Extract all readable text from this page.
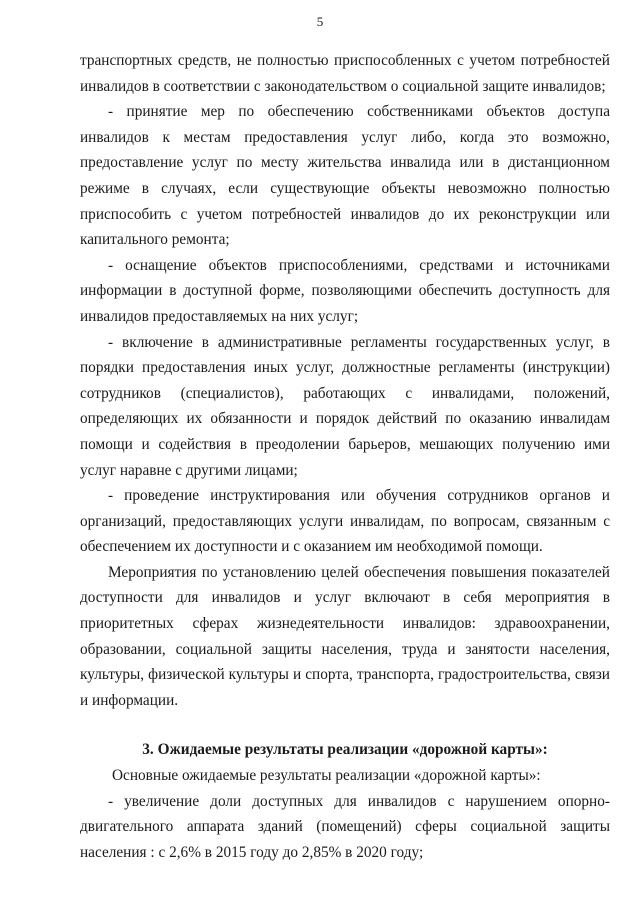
5

транспортных средств, не полностью приспособленных с учетом потребностей инвалидов в соответствии с законодательством о социальной защите инвалидов;

- принятие мер по обеспечению собственниками объектов доступа инвалидов к местам предоставления услуг либо, когда это возможно, предоставление услуг по месту жительства инвалида или в дистанционном режиме в случаях, если существующие объекты невозможно полностью приспособить с учетом потребностей инвалидов до их реконструкции или капитального ремонта;

- оснащение объектов приспособлениями, средствами и источниками информации в доступной форме, позволяющими обеспечить доступность для инвалидов предоставляемых на них услуг;

- включение в административные регламенты государственных услуг, в порядки предоставления иных услуг, должностные регламенты (инструкции) сотрудников (специалистов), работающих с инвалидами, положений, определяющих их обязанности и порядок действий по оказанию инвалидам помощи и содействия в преодолении барьеров, мешающих получению ими услуг наравне с другими лицами;

- проведение инструктирования или обучения сотрудников органов и организаций, предоставляющих услуги инвалидам, по вопросам, связанным с обеспечением их доступности и с оказанием им необходимой помощи.

Мероприятия по установлению целей обеспечения повышения показателей доступности для инвалидов и услуг включают в себя мероприятия в приоритетных сферах жизнедеятельности инвалидов: здравоохранении, образовании, социальной защиты населения, труда и занятости населения, культуры, физической культуры и спорта, транспорта, градостроительства, связи и информации.

3. Ожидаемые результаты реализации «дорожной карты»:

Основные ожидаемые результаты реализации «дорожной карты»:

- увеличение доли доступных для инвалидов с нарушением опорно-двигательного аппарата зданий (помещений) сферы социальной защиты населения : с 2,6% в 2015 году до 2,85% в 2020 году;
